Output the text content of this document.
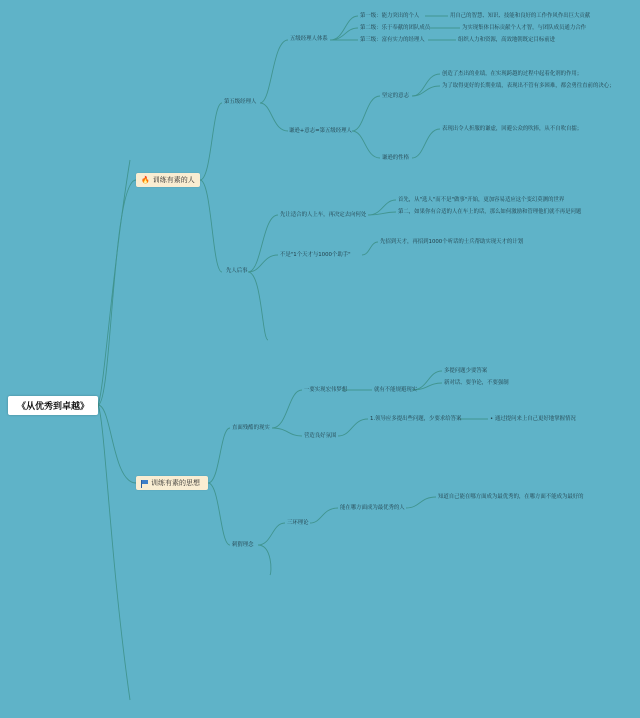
《从优秀到卓越》
🔥 训练有素的人
训练有素的思想
第五级经理人
五级经理人体系
第一级：能力突出的个人	用自己的智慧、知识、技能和良好的工作作风作出巨大贡献
第二级：乐于奉献的团队成员	为实现集体目标贡献个人才智，与团队成员通力合作
第三级：富有实力的经理人	组织人力和资源，高效地朝既定目标前进
谦逊+意志=第五级经理人
坚定的意志
创造了杰出的业绩，在实现跨越的过程中起着化剂的作用；
为了取得更好的长期业绩，表现出不管有多困难，都会勇往直前的决心；
谦逊的性格
表现出令人折服的谦虚，回避公众的吹捧，从不自吹自擂；
先人后事
先让适合的人上车，再决定去向何处
首先，从"选人"而不是"做事"开始，更加容易适应这个变幻莫测的世界
第二，如果你有合适的人在车上的话，那么如何激励和管理他们就不再是问题
不是"1个天才与1000个助手"
先招到天才，再招到1000个听话的士兵帮助实现天才的计划
直面残酷的现实
一要实现宏伟梦想	就有不能规避现实
多提问题少要答案
新对话、要争论，不要强制
营造良好氛围
1.领导应多提出些问题，少要求给答案	• 通过提问来上自己更好地掌握情况
刺猬理念
三环理论
能在哪方面成为最优秀的人
知道自己能在哪方面成为最优秀的，在哪方面不能成为最好的
